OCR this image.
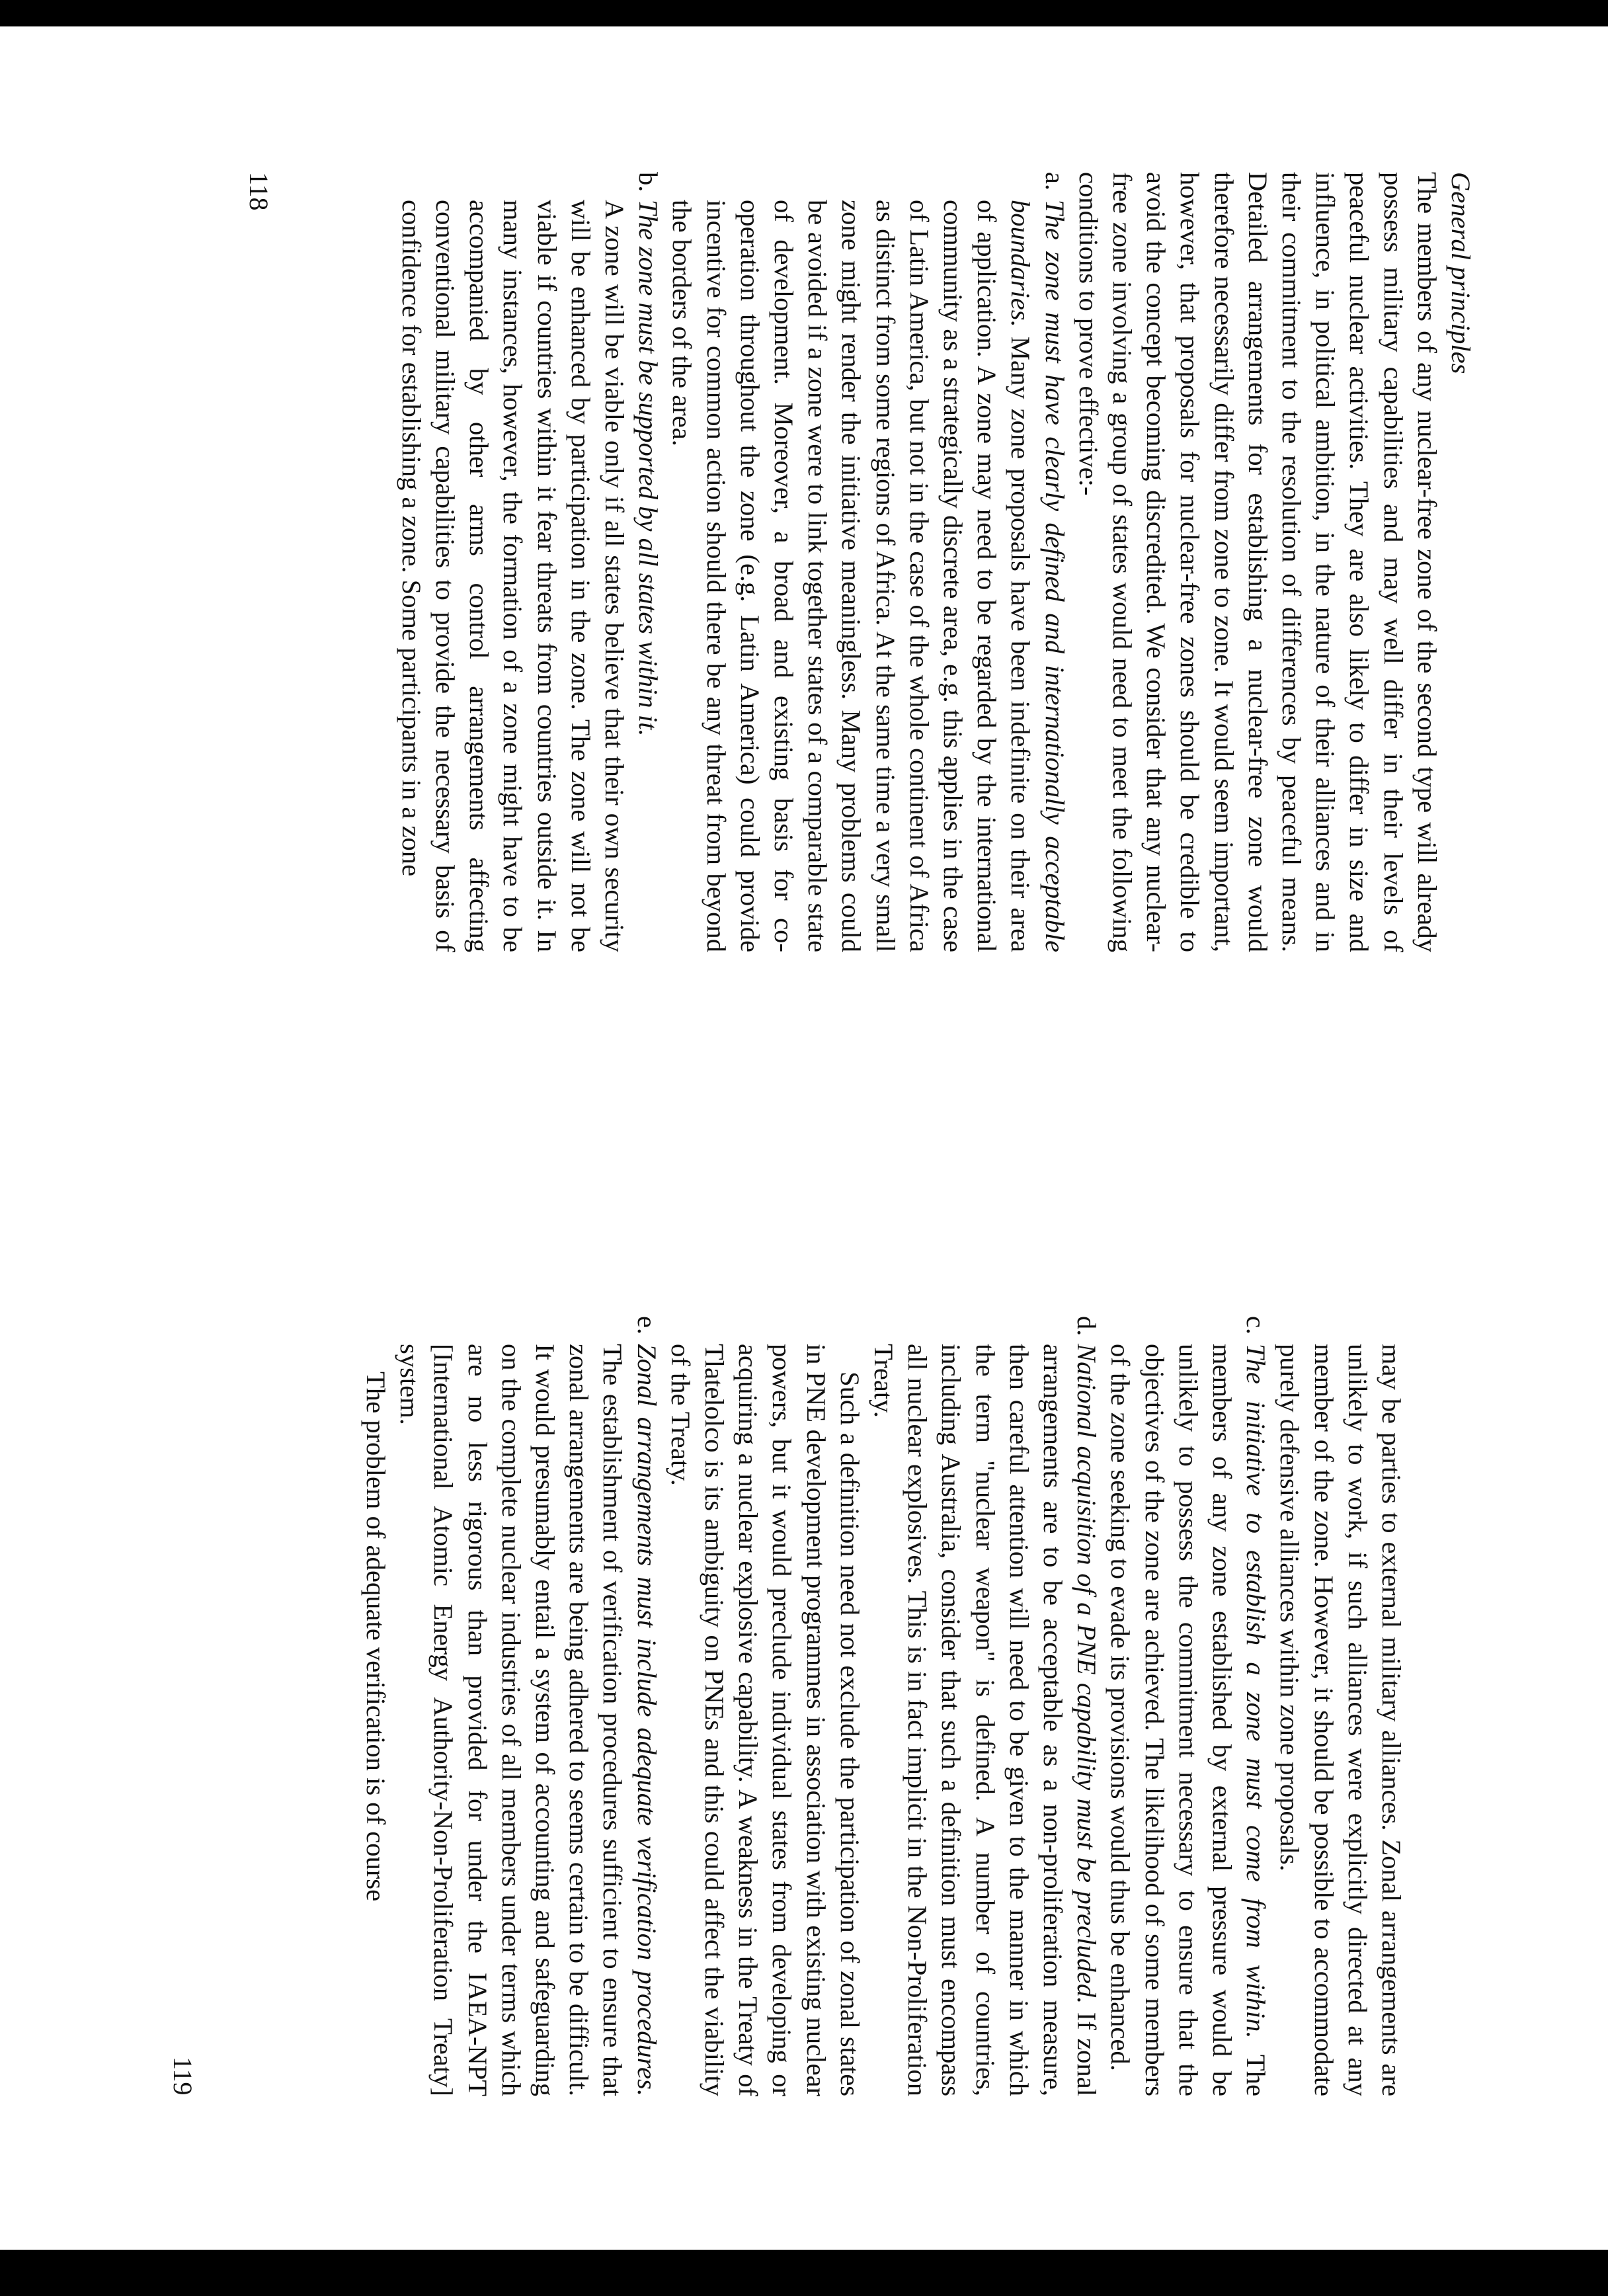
General principles

The members of any nuclear-free zone of the second type will already possess military capabilities and may well differ in their levels of peaceful nuclear activities. They are also likely to differ in size and influence, in political ambition, in the nature of their alliances and in their commitment to the resolution of differences by peaceful means. Detailed arrangements for establishing a nuclear-free zone would therefore necessarily differ from zone to zone. It would seem important, however, that proposals for nuclear-free zones should be credible to avoid the concept becoming discredited. We consider that any nuclear-free zone involving a group of states would need to meet the following conditions to prove effective:-

a.
The zone must have clearly defined and internationally acceptable boundaries. Many zone proposals have been indefinite on their area of application. A zone may need to be regarded by the international community as a strategically discrete area, e.g. this applies in the case of Latin America, but not in the case of the whole continent of Africa as distinct from some regions of Africa. At the same time a very small zone might render the initiative meaningless. Many problems could be avoided if a zone were to link together states of a comparable state of development. Moreover, a broad and existing basis for co-operation throughout the zone (e.g. Latin America) could provide incentive for common action should there be any threat from beyond the borders of the area.

b.
The zone must be supported by all states within it.

A zone will be viable only if all states believe that their own security will be enhanced by participation in the zone. The zone will not be viable if countries within it fear threats from countries outside it. In many instances, however, the formation of a zone might have to be accompanied by other arms control arrangements affecting conventional military capabilities to provide the necessary basis of confidence for establishing a zone. Some participants in a zone

118

may be parties to external military alliances. Zonal arrangements are unlikely to work, if such alliances were explicitly directed at any member of the zone. However, it should be possible to accommodate purely defensive alliances within zone proposals.

c.
The initiative to establish a zone must come from within. The members of any zone established by external pressure would be unlikely to possess the commitment necessary to ensure that the objectives of the zone are achieved. The likelihood of some members of the zone seeking to evade its provisions would thus be enhanced.

d.
National acquisition of a PNE capability must be precluded. If zonal arrangements are to be acceptable as a non-proliferation measure, then careful attention will need to be given to the manner in which the term "nuclear weapon" is defined. A number of countries, including Australia, consider that such a definition must encompass all nuclear explosives. This is in fact implicit in the Non-Proliferation Treaty.

Such a definition need not exclude the participation of zonal states in PNE development programmes in association with existing nuclear powers, but it would preclude individual states from developing or acquiring a nuclear explosive capability. A weakness in the Treaty of Tlatelolco is its ambiguity on PNEs and this could affect the viability of the Treaty.

e.
Zonal arrangements must include adequate verification procedures. The establishment of verification procedures sufficient to ensure that zonal arrangements are being adhered to seems certain to be difficult. It would presumably entail a system of accounting and safeguarding on the complete nuclear industries of all members under terms which are no less rigorous than provided for under the IAEA-NPT [International Atomic Energy Authority-Non-Proliferation Treaty] system.

The problem of adequate verification is of course

119
